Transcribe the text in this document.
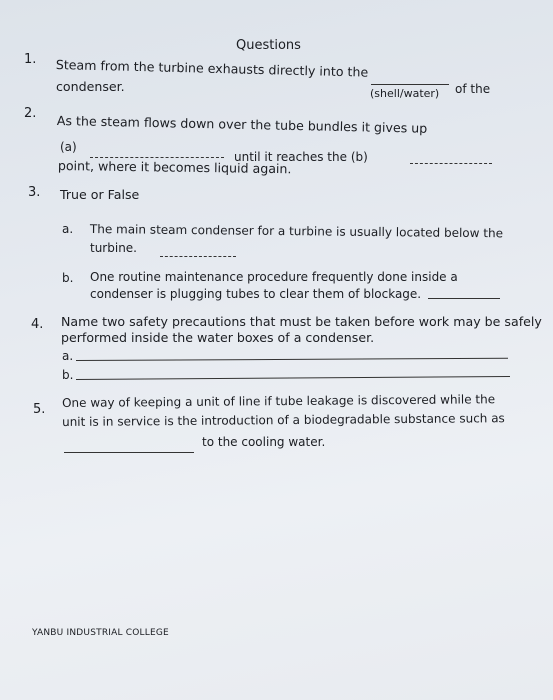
Questions
1. Steam from the turbine exhausts directly into the
(shell/water) of the
condenser.
2. As the steam flows down over the tube bundles it gives up
(a)
until it reaches the (b)
point, where it becomes liquid again.
3. True or False
a. The main steam condenser for a turbine is usually located below the
turbine.
b. One routine maintenance procedure frequently done inside a
condenser is plugging tubes to clear them of blockage.
4. Name two safety precautions that must be taken before work may be safely
performed inside the water boxes of a condenser.
a.
b.
5. One way of keeping a unit of line if tube leakage is discovered while the
unit is in service is the introduction of a biodegradable substance such as
to the cooling water.
YANBU INDUSTRIAL COLLEGE
